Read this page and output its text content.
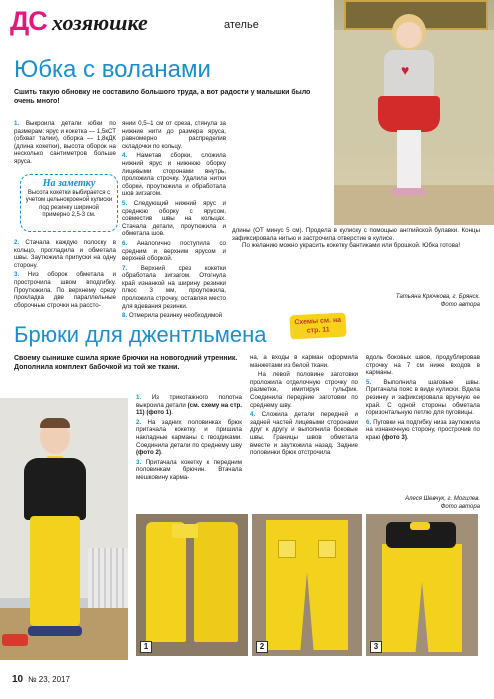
ДС хозяюшке	ателье
Юбка с воланами
Сшить такую обновку не составило большого труда, а вот радости у малышки было очень много!
♥

1. Выкроила детали юбки по размерам: ярус и кокетка — 1,5кСТ (обхват талии), оборка — 1,8кДК (длина кокетки), высота оборок на несколько сантиметров больше яруса.

На заметку
Высота кокетки выбирается с учетом цельнокроеной кулиски под резинку шириной примерно 2,5-3 см.

2. Стачала каждую полоску в кольцо, прогладила и обметала швы. Заутюжила припуски на одну сторону.

3. Низ оборок обметала и прострочила швом вподгибку. Проутюжила. По верхнему срезу прокладка две параллельные сборочные строчки на рассто-

янии 0,5–1 см от среза, стянула за нижние нити до размера яруса, равномерно распределив складочки по кольцу.

4. Наметав сборки, сложила нижний ярус и нижнюю оборку лицевыми сторонами внутрь, проложила строчку. Удалила нитки сборки, проутюжила и обработала шов зигзагом.

5. Следующий нижний ярус и среднюю оборку с ярусом, совместив швы на кольцах. Стачала детали, проутюжила и обметала шов.

6. Аналогично поступила со средним и верхним ярусом и верхней оборкой.

7. Верхний срез кокетки обработала зигзагом. Отогнула край изнанкой на ширину резинки плюс 3 мм, проутюжила, проложила строчку, оставляя место для вдевания резинки.

8. Отмерила резинку необходимой

длины (ОТ минус 5 см). Продела в кулиску с помощью английской булавки. Концы зафиксировала нитью и застрочила отверстие в кулисе.

По желанию можно украсить кокетку бантиками или брошкой. Юбка готова!

Татьяна Крючкова, г. Брянск.
Фото автора
Брюки для джентльмена
Схемы см. на стр. 11
Своему сынишке сшила яркие брючки на новогодний утренник. Дополнила комплект бабочкой из той же ткани.

1. Из трикотажного полотна выкроила детали (см. схему на стр. 11) (фото 1).

2. На задних половинках брюк притачала кокетку и пришила накладные карманы с гвоздиками. Соединила детали по среднему шву (фото 2).

3. Притачала кокетку к передним половинкам брючин. Втачала мешковину карма-

на, а входы в карман оформила манжетами из белой ткани.

На левой половине заготовки проложила отделочную строчку по разметке, имитируя гульфик. Соединила передние заготовки по среднему шву.

4. Сложила детали передней и задней частей лицевыми сторонами друг к другу и выполнила боковые швы. Границы швов обметала вместе и заутюжила назад. Задние половинки брюк отстрочила

вдоль боковых швов, продублировав строчку на 7 см ниже входов в карманы.

5. Выполнила шаговые швы. Притачала пояс в виде кулиски. Вдела резинку и зафиксировала вручную ее край. С одной стороны обметала горизонтальную петлю для пуговицы.

6. Пуговки на подгибку низа заутюжила на изнаночную сторону, прострочив по краю (фото 3).

Алеся Шевчук, г. Могилев.
Фото автора
1	2	3
10 № 23, 2017
